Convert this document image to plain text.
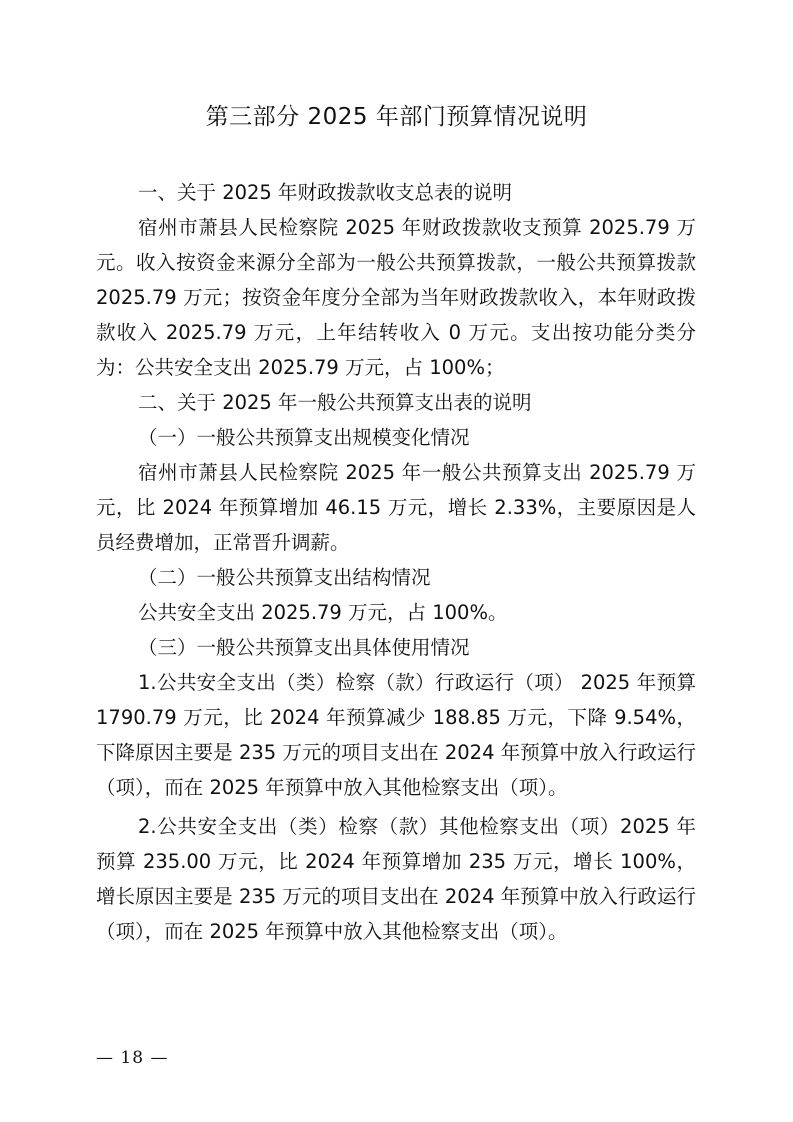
第三部分 2025 年部门预算情况说明

一、关于 2025 年财政拨款收支总表的说明

宿州市萧县人民检察院 2025 年财政拨款收支预算 2025.79 万元。收入按资金来源分全部为一般公共预算拨款，一般公共预算拨款 2025.79 万元；按资金年度分全部为当年财政拨款收入，本年财政拨款收入 2025.79 万元，上年结转收入 0 万元。支出按功能分类分为：公共安全支出 2025.79 万元，占 100%；

二、关于 2025 年一般公共预算支出表的说明

（一）一般公共预算支出规模变化情况

宿州市萧县人民检察院 2025 年一般公共预算支出 2025.79 万元，比 2024 年预算增加 46.15 万元，增长 2.33%，主要原因是人员经费增加，正常晋升调薪。

（二）一般公共预算支出结构情况

公共安全支出 2025.79 万元，占 100%。

（三）一般公共预算支出具体使用情况

1.公共安全支出（类）检察（款）行政运行（项） 2025 年预算 1790.79 万元，比 2024 年预算减少 188.85 万元，下降 9.54%，下降原因主要是 235 万元的项目支出在 2024 年预算中放入行政运行（项），而在 2025 年预算中放入其他检察支出（项）。

2.公共安全支出（类）检察（款）其他检察支出（项）2025 年预算 235.00 万元，比 2024 年预算增加 235 万元，增长 100%，增长原因主要是 235 万元的项目支出在 2024 年预算中放入行政运行（项），而在 2025 年预算中放入其他检察支出（项）。

— 18 —
